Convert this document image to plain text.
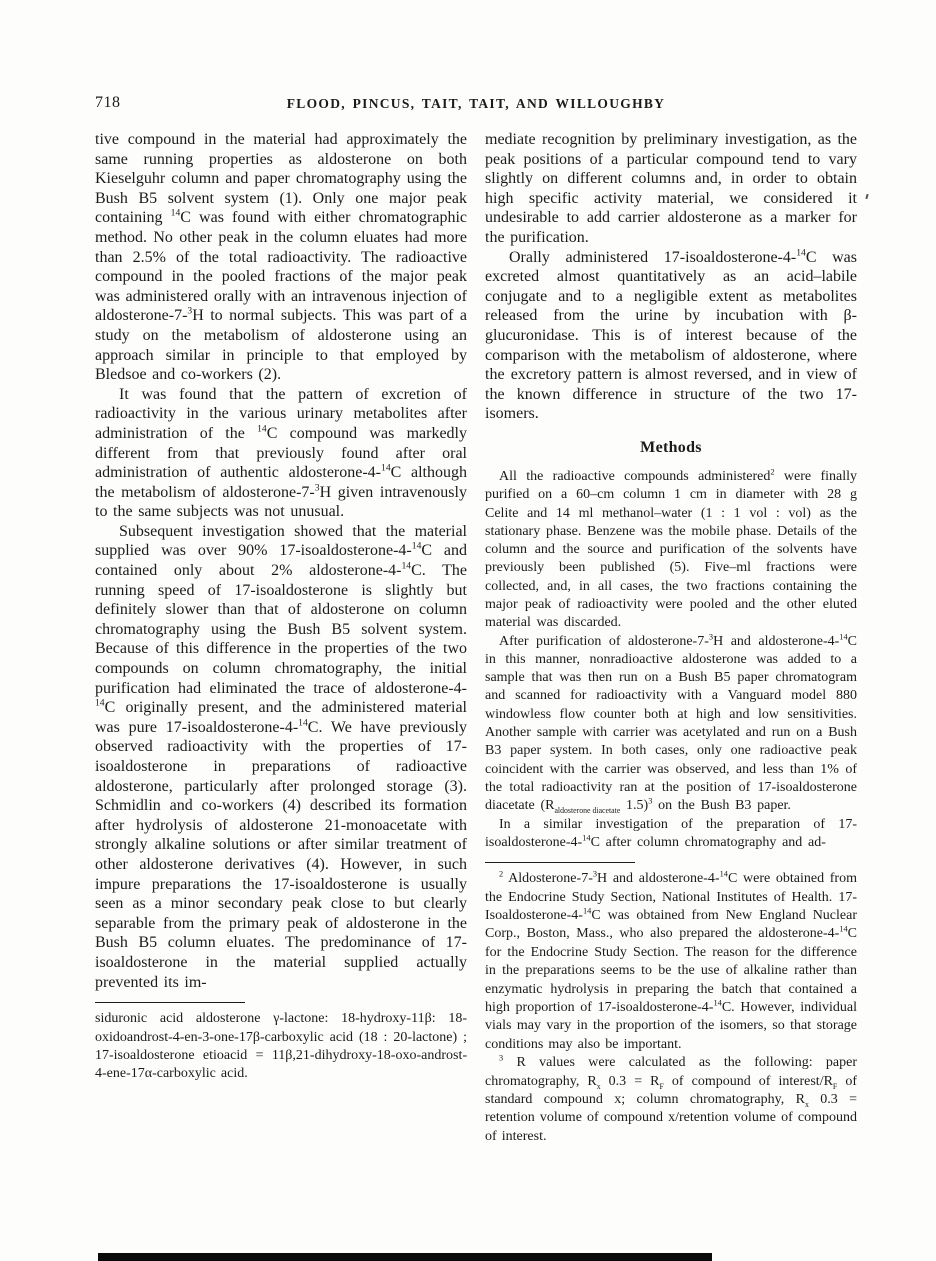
718	FLOOD, PINCUS, TAIT, TAIT, AND WILLOUGHBY

tive compound in the material had approximately the same running properties as aldosterone on both Kieselguhr column and paper chromatography using the Bush B5 solvent system (1). Only one major peak containing $^{14}$C was found with either chromatographic method. No other peak in the column eluates had more than 2.5% of the total radioactivity. The radioactive compound in the pooled fractions of the major peak was administered orally with an intravenous injection of aldosterone-7-$^3$H to normal subjects. This was part of a study on the metabolism of aldosterone using an approach similar in principle to that employed by Bledsoe and co-workers (2).

It was found that the pattern of excretion of radioactivity in the various urinary metabolites after administration of the $^{14}$C compound was markedly different from that previously found after oral administration of authentic aldosterone-4-$^{14}$C although the metabolism of aldosterone-7-$^3$H given intravenously to the same subjects was not unusual.

Subsequent investigation showed that the material supplied was over 90% 17-isoaldosterone-4-$^{14}$C and contained only about 2% aldosterone-4-$^{14}$C. The running speed of 17-isoaldosterone is slightly but definitely slower than that of aldosterone on column chromatography using the Bush B5 solvent system. Because of this difference in the properties of the two compounds on column chromatography, the initial purification had eliminated the trace of aldosterone-4-$^{14}$C originally present, and the administered material was pure 17-isoaldosterone-4-$^{14}$C. We have previously observed radioactivity with the properties of 17-isoaldosterone in preparations of radioactive aldosterone, particularly after prolonged storage (3). Schmidlin and co-workers (4) described its formation after hydrolysis of aldosterone 21-monoacetate with strongly alkaline solutions or after similar treatment of other aldosterone derivatives (4). However, in such impure preparations the 17-isoaldosterone is usually seen as a minor secondary peak close to but clearly separable from the primary peak of aldosterone in the Bush B5 column eluates. The predominance of 17-isoaldosterone in the material supplied actually prevented its im-

siduronic acid aldosterone γ-lactone: 18-hydroxy-11β: 18-oxidoandrost-4-en-3-one-17β-carboxylic acid (18 : 20-lactone) ; 17-isoaldosterone etioacid = 11β,21-dihydroxy-18-oxo-androst-4-ene-17α-carboxylic acid.

mediate recognition by preliminary investigation, as the peak positions of a particular compound tend to vary slightly on different columns and, in order to obtain high specific activity material, we considered it undesirable to add carrier aldosterone as a marker for the purification.

Orally administered 17-isoaldosterone-4-$^{14}$C was excreted almost quantitatively as an acid–labile conjugate and to a negligible extent as metabolites released from the urine by incubation with β-glucuronidase. This is of interest because of the comparison with the metabolism of aldosterone, where the excretory pattern is almost reversed, and in view of the known difference in structure of the two 17-isomers.

Methods

All the radioactive compounds administered$^2$ were finally purified on a 60–cm column 1 cm in diameter with 28 g Celite and 14 ml methanol–water (1 : 1 vol : vol) as the stationary phase. Benzene was the mobile phase. Details of the column and the source and purification of the solvents have previously been published (5). Five–ml fractions were collected, and, in all cases, the two fractions containing the major peak of radioactivity were pooled and the other eluted material was discarded.

After purification of aldosterone-7-$^3$H and aldosterone-4-$^{14}$C in this manner, nonradioactive aldosterone was added to a sample that was then run on a Bush B5 paper chromatogram and scanned for radioactivity with a Vanguard model 880 windowless flow counter both at high and low sensitivities. Another sample with carrier was acetylated and run on a Bush B3 paper system. In both cases, only one radioactive peak coincident with the carrier was observed, and less than 1% of the total radioactivity ran at the position of 17-isoaldosterone diacetate ($R_{aldosterone diacetate}$ 1.5)$^3$ on the Bush B3 paper.

In a similar investigation of the preparation of 17-isoaldosterone-4-$^{14}$C after column chromatography and ad-

$^2$ Aldosterone-7-$^3$H and aldosterone-4-$^{14}$C were obtained from the Endocrine Study Section, National Institutes of Health. 17-Isoaldosterone-4-$^{14}$C was obtained from New England Nuclear Corp., Boston, Mass., who also prepared the aldosterone-4-$^{14}$C for the Endocrine Study Section. The reason for the difference in the preparations seems to be the use of alkaline rather than enzymatic hydrolysis in preparing the batch that contained a high proportion of 17-isoaldosterone-4-$^{14}$C. However, individual vials may vary in the proportion of the isomers, so that storage conditions may also be important.

$^3$ R values were calculated as the following: paper chromatography, $R_x$ $0.3 = R_F$ of compound of interest/$R_F$ of standard compound x; column chromatography, $R_x$ 0.3 = retention volume of compound x/retention volume of compound of interest.
